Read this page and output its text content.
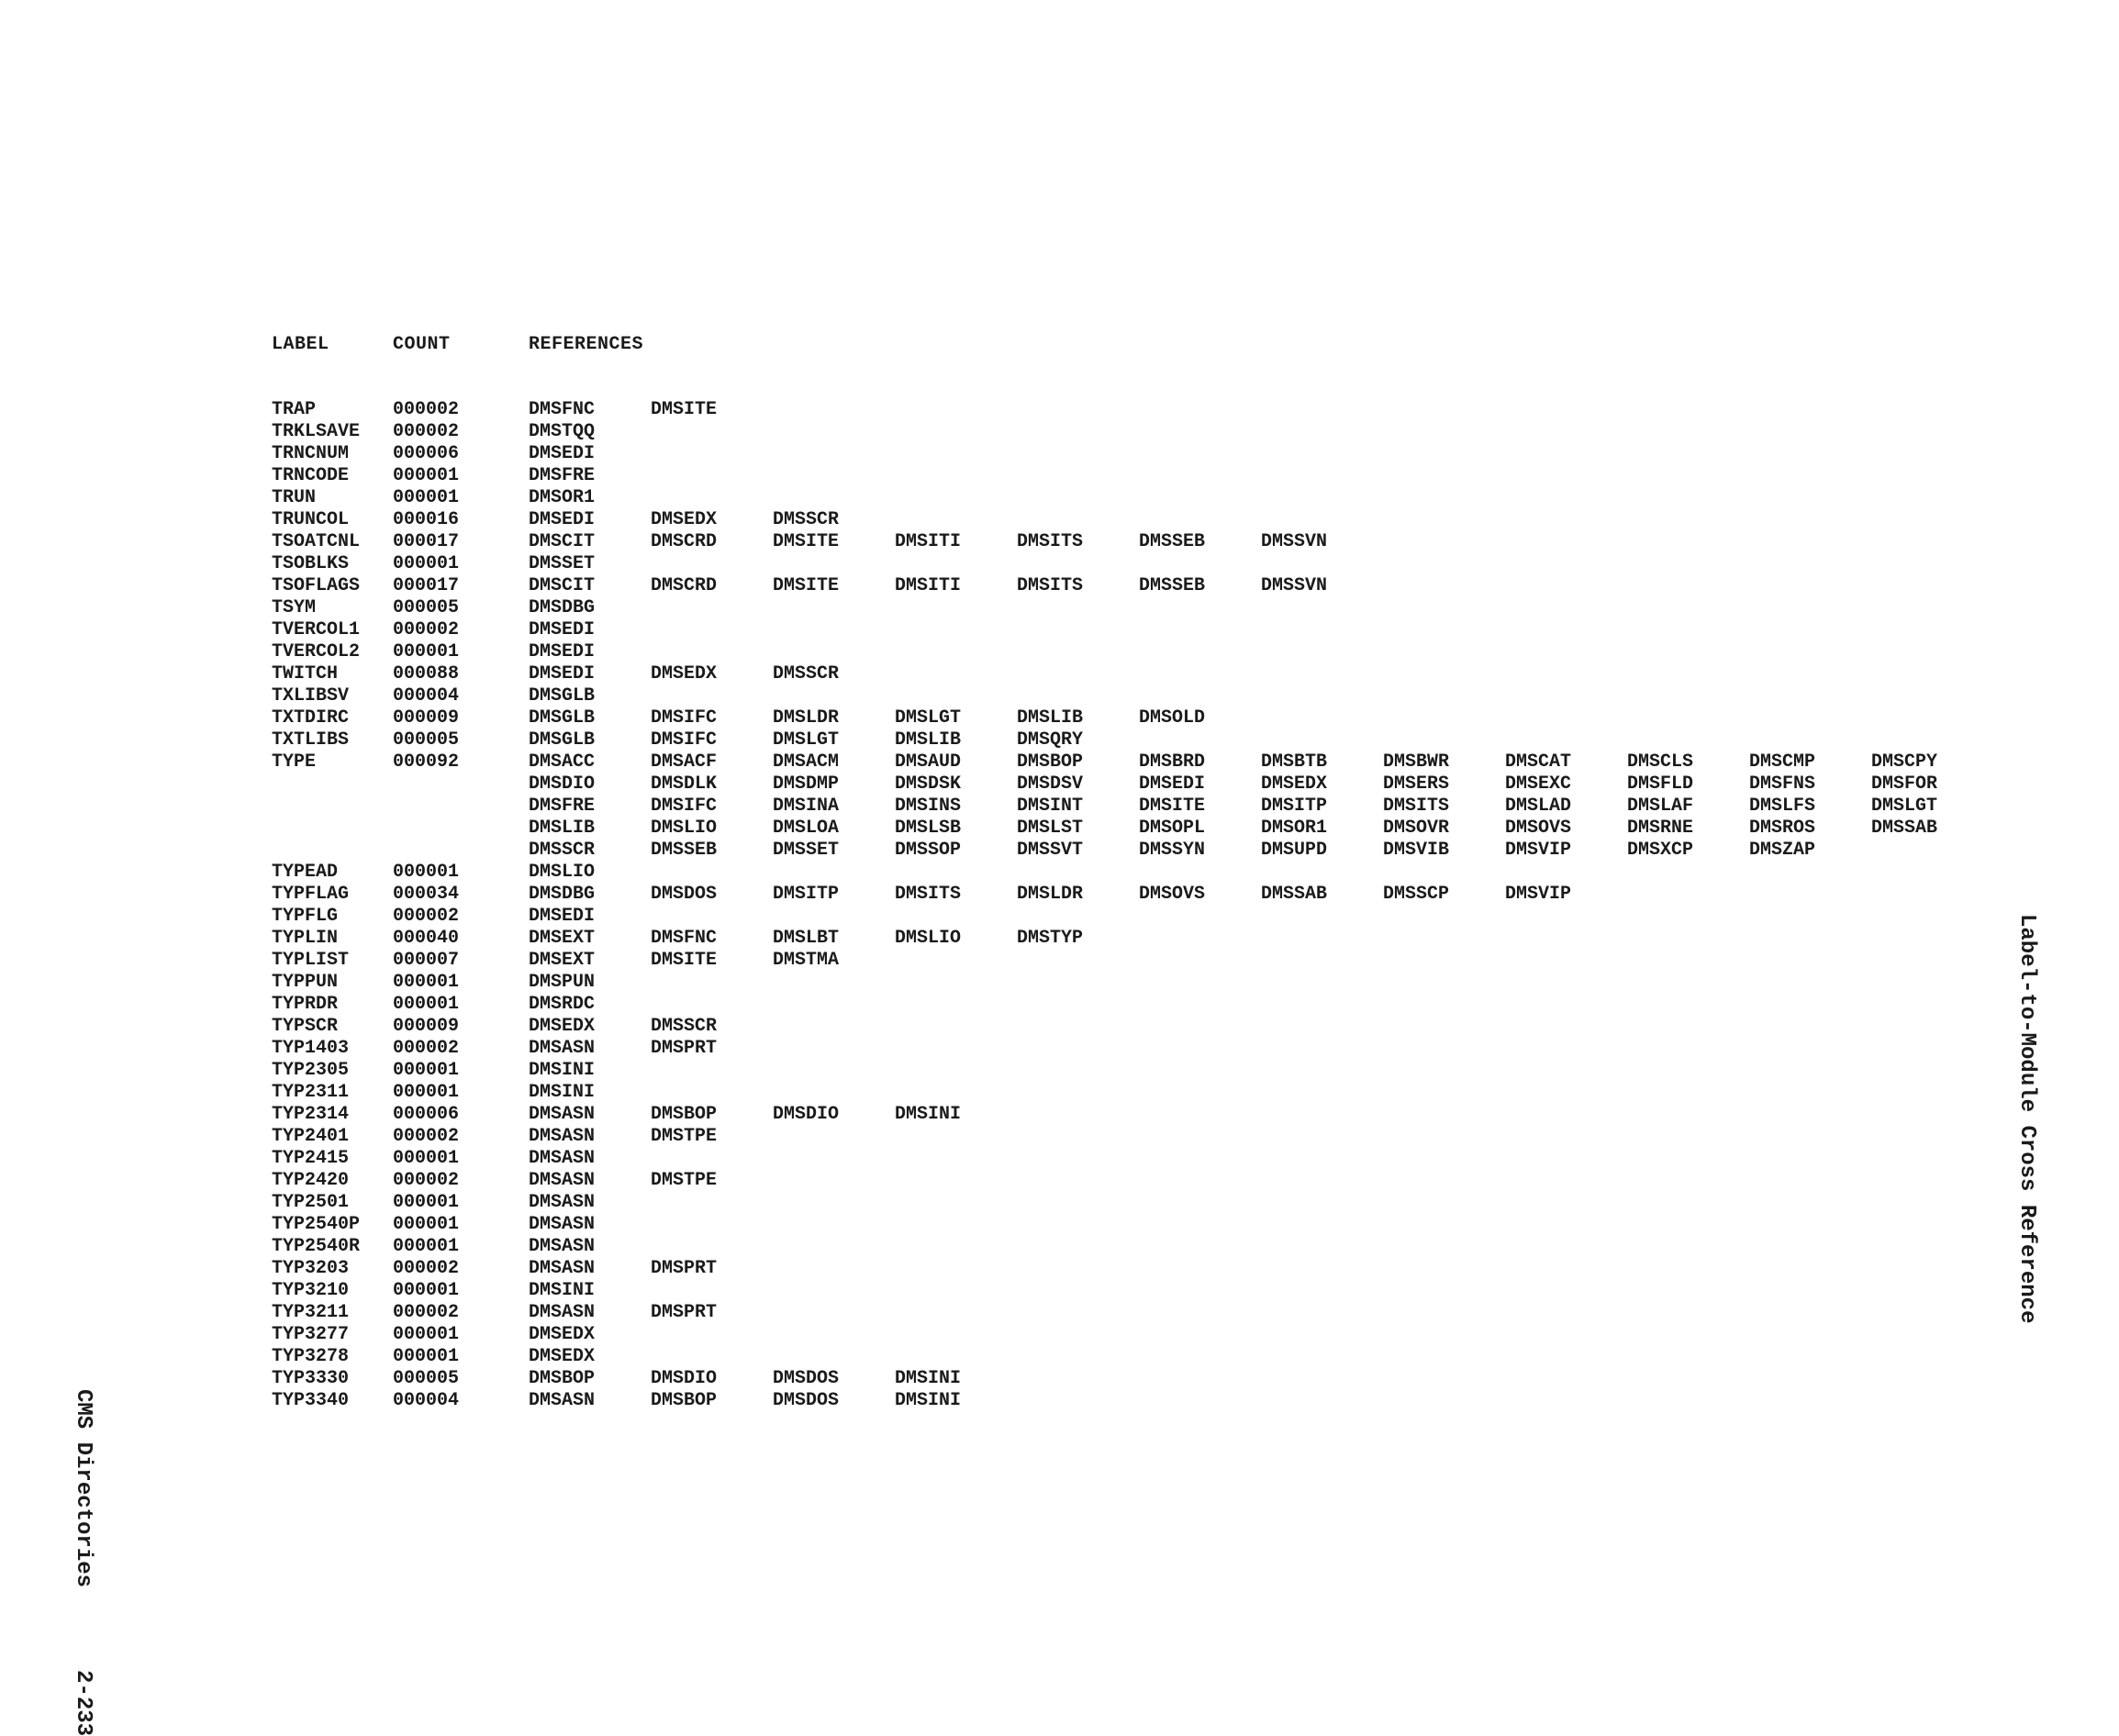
LABEL	COUNT	REFERENCES
TRAP	000002	DMSFNC	DMSITE
TRKLSAVE 000002	DMSTQQ
TRNCNUM 000006	DMSEDI
TRNCODE 000001	DMSFRE
TRUN	000001	DMSOR1
TRUNCOL 000016	DMSEDI	DMSEDX	DMSSCR
TSOATCNL 000017	DMSCIT	DMSCRD	DMSITE	DMSITI	DMSITS	DMSSEB	DMSSVN
TSOBLKS 000001	DMSSET
TSOFLAGS 000017	DMSCIT	DMSCRD	DMSITE	DMSITI	DMSITS	DMSSEB	DMSSVN
TSYM	000005	DMSDBG
TVERCOL1 000002	DMSEDI
TVERCOL2 000001	DMSEDI
TWITCH	000088	DMSEDI	DMSEDX	DMSSCR
TXLIBSV 000004	DMSGLB
TXTDIRC 000009	DMSGLB	DMSIFC	DMSLDR	DMSLGT	DMSLIB	DMSOLD
TXTLIBS 000005	DMSGLB	DMSIFC	DMSLGT	DMSLIB	DMSQRY
TYPE	000092	DMSACC	DMSACF	DMSACM	DMSAUD	DMSBOP	DMSBRD	DMSBTB	DMSBWR	DMSCAT	DMSCLS	DMSCMP	DMSCPY
DMSDIO	DMSDLK	DMSDMP	DMSDSK	DMSDSV	DMSEDI	DMSEDX	DMSERS	DMSEXC	DMSFLD	DMSFNS	DMSFOR
DMSFRE	DMSIFC	DMSINA	DMSINS	DMSINT	DMSITE	DMSITP	DMSITS	DMSLAD	DMSLAF	DMSLFS	DMSLGT
DMSLIB	DMSLIO	DMSLOA	DMSLSB	DMSLST	DMSOPL	DMSOR1	DMSOVR	DMSOVS	DMSRNE	DMSROS	DMSSAB
DMSSCR	DMSSEB	DMSSET	DMSSOP	DMSSVT	DMSSYN	DMSUPD	DMSVIB	DMSVIP	DMSXCP	DMSZAP
TYPEAD	000001	DMSLIO
TYPFLAG 000034	DMSDBG	DMSDOS	DMSITP	DMSITS	DMSLDR	DMSOVS	DMSSAB	DMSSCP	DMSVIP
TYPFLG	000002	DMSEDI
TYPLIN	000040	DMSEXT	DMSFNC	DMSLBT	DMSLIO	DMSTYP
TYPLIST 000007	DMSEXT	DMSITE	DMSTMA
TYPPUN	000001	DMSPUN
TYPRDR	000001	DMSRDC
TYPSCR	000009	DMSEDX	DMSSCR
TYP1403 000002	DMSASN	DMSPRT
TYP2305 000001	DMSINI
TYP2311 000001	DMSINI
TYP2314 000006	DMSASN	DMSBOP	DMSDIO	DMSINI
TYP2401 000002	DMSASN	DMSTPE
TYP2415 000001	DMSASN
TYP2420 000002	DMSASN	DMSTPE
TYP2501 000001	DMSASN
TYP2540P 000001	DMSASN
TYP2540R 000001	DMSASN
TYP3203 000002	DMSASN	DMSPRT
TYP3210 000001	DMSINI
TYP3211 000002	DMSASN	DMSPRT
TYP3277 000001	DMSEDX
TYP3278 000001	DMSEDX
TYP3330 000005	DMSBOP	DMSDIO	DMSDOS	DMSINI
TYP3340 000004	DMSASN	DMSBOP	DMSDOS	DMSINI
CMS Directories2-233
Label-to-Module Cross Reference
